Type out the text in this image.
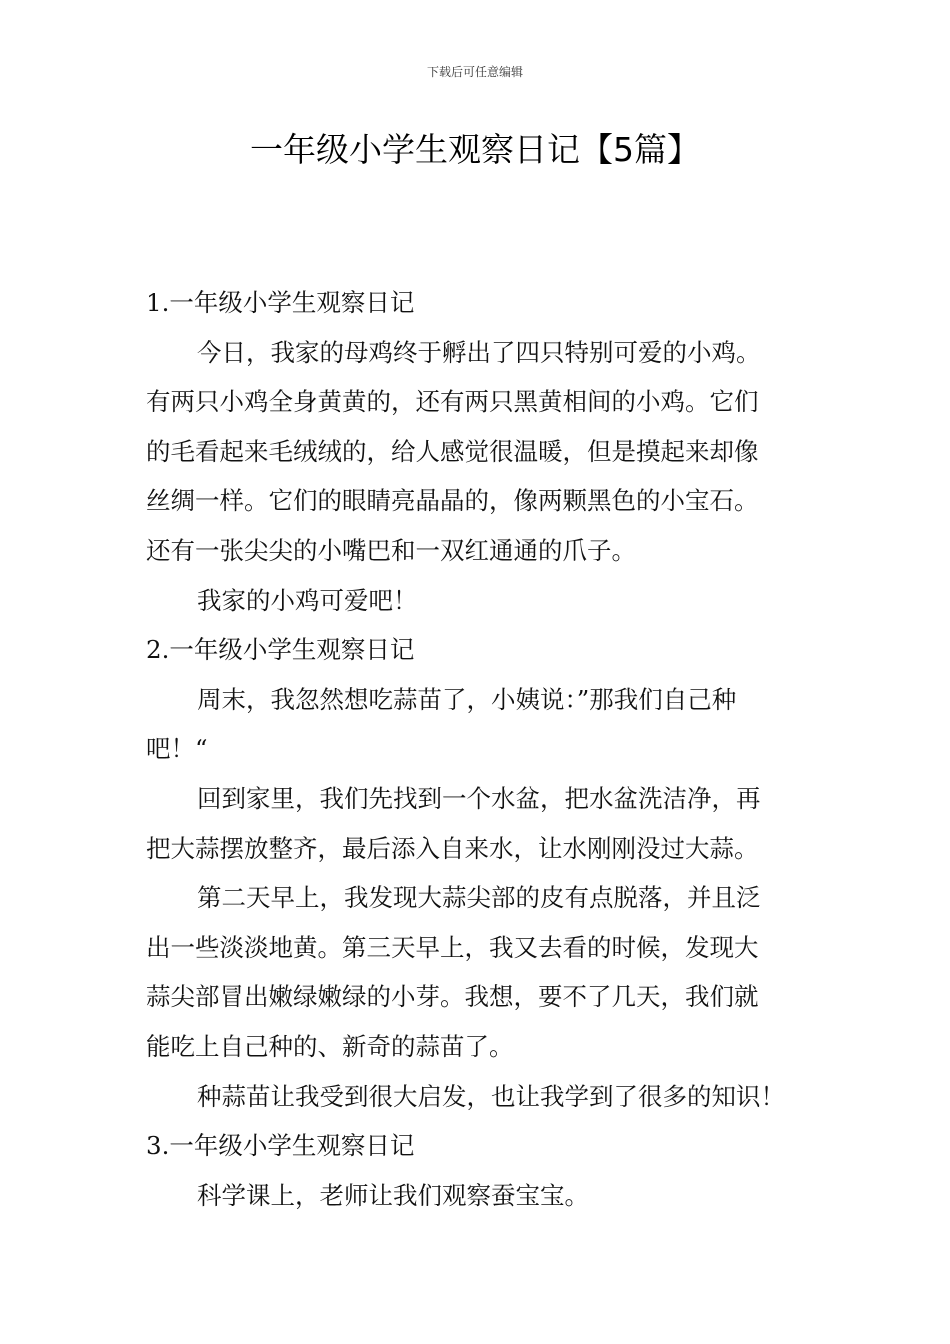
下载后可任意编辑
一年级小学生观察日记【5篇】
1.一年级小学生观察日记
今日，我家的母鸡终于孵出了四只特别可爱的小鸡。
有两只小鸡全身黄黄的，还有两只黑黄相间的小鸡。它们
的毛看起来毛绒绒的，给人感觉很温暖，但是摸起来却像
丝绸一样。它们的眼睛亮晶晶的，像两颗黑色的小宝石。
还有一张尖尖的小嘴巴和一双红通通的爪子。
我家的小鸡可爱吧！
2.一年级小学生观察日记
周末，我忽然想吃蒜苗了，小姨说：”那我们自己种
吧！“
回到家里，我们先找到一个水盆，把水盆洗洁净，再
把大蒜摆放整齐，最后添入自来水，让水刚刚没过大蒜。
第二天早上，我发现大蒜尖部的皮有点脱落，并且泛
出一些淡淡地黄。第三天早上，我又去看的时候，发现大
蒜尖部冒出嫩绿嫩绿的小芽。我想，要不了几天，我们就
能吃上自己种的、新奇的蒜苗了。
种蒜苗让我受到很大启发，也让我学到了很多的知识！
3.一年级小学生观察日记
科学课上，老师让我们观察蚕宝宝。
